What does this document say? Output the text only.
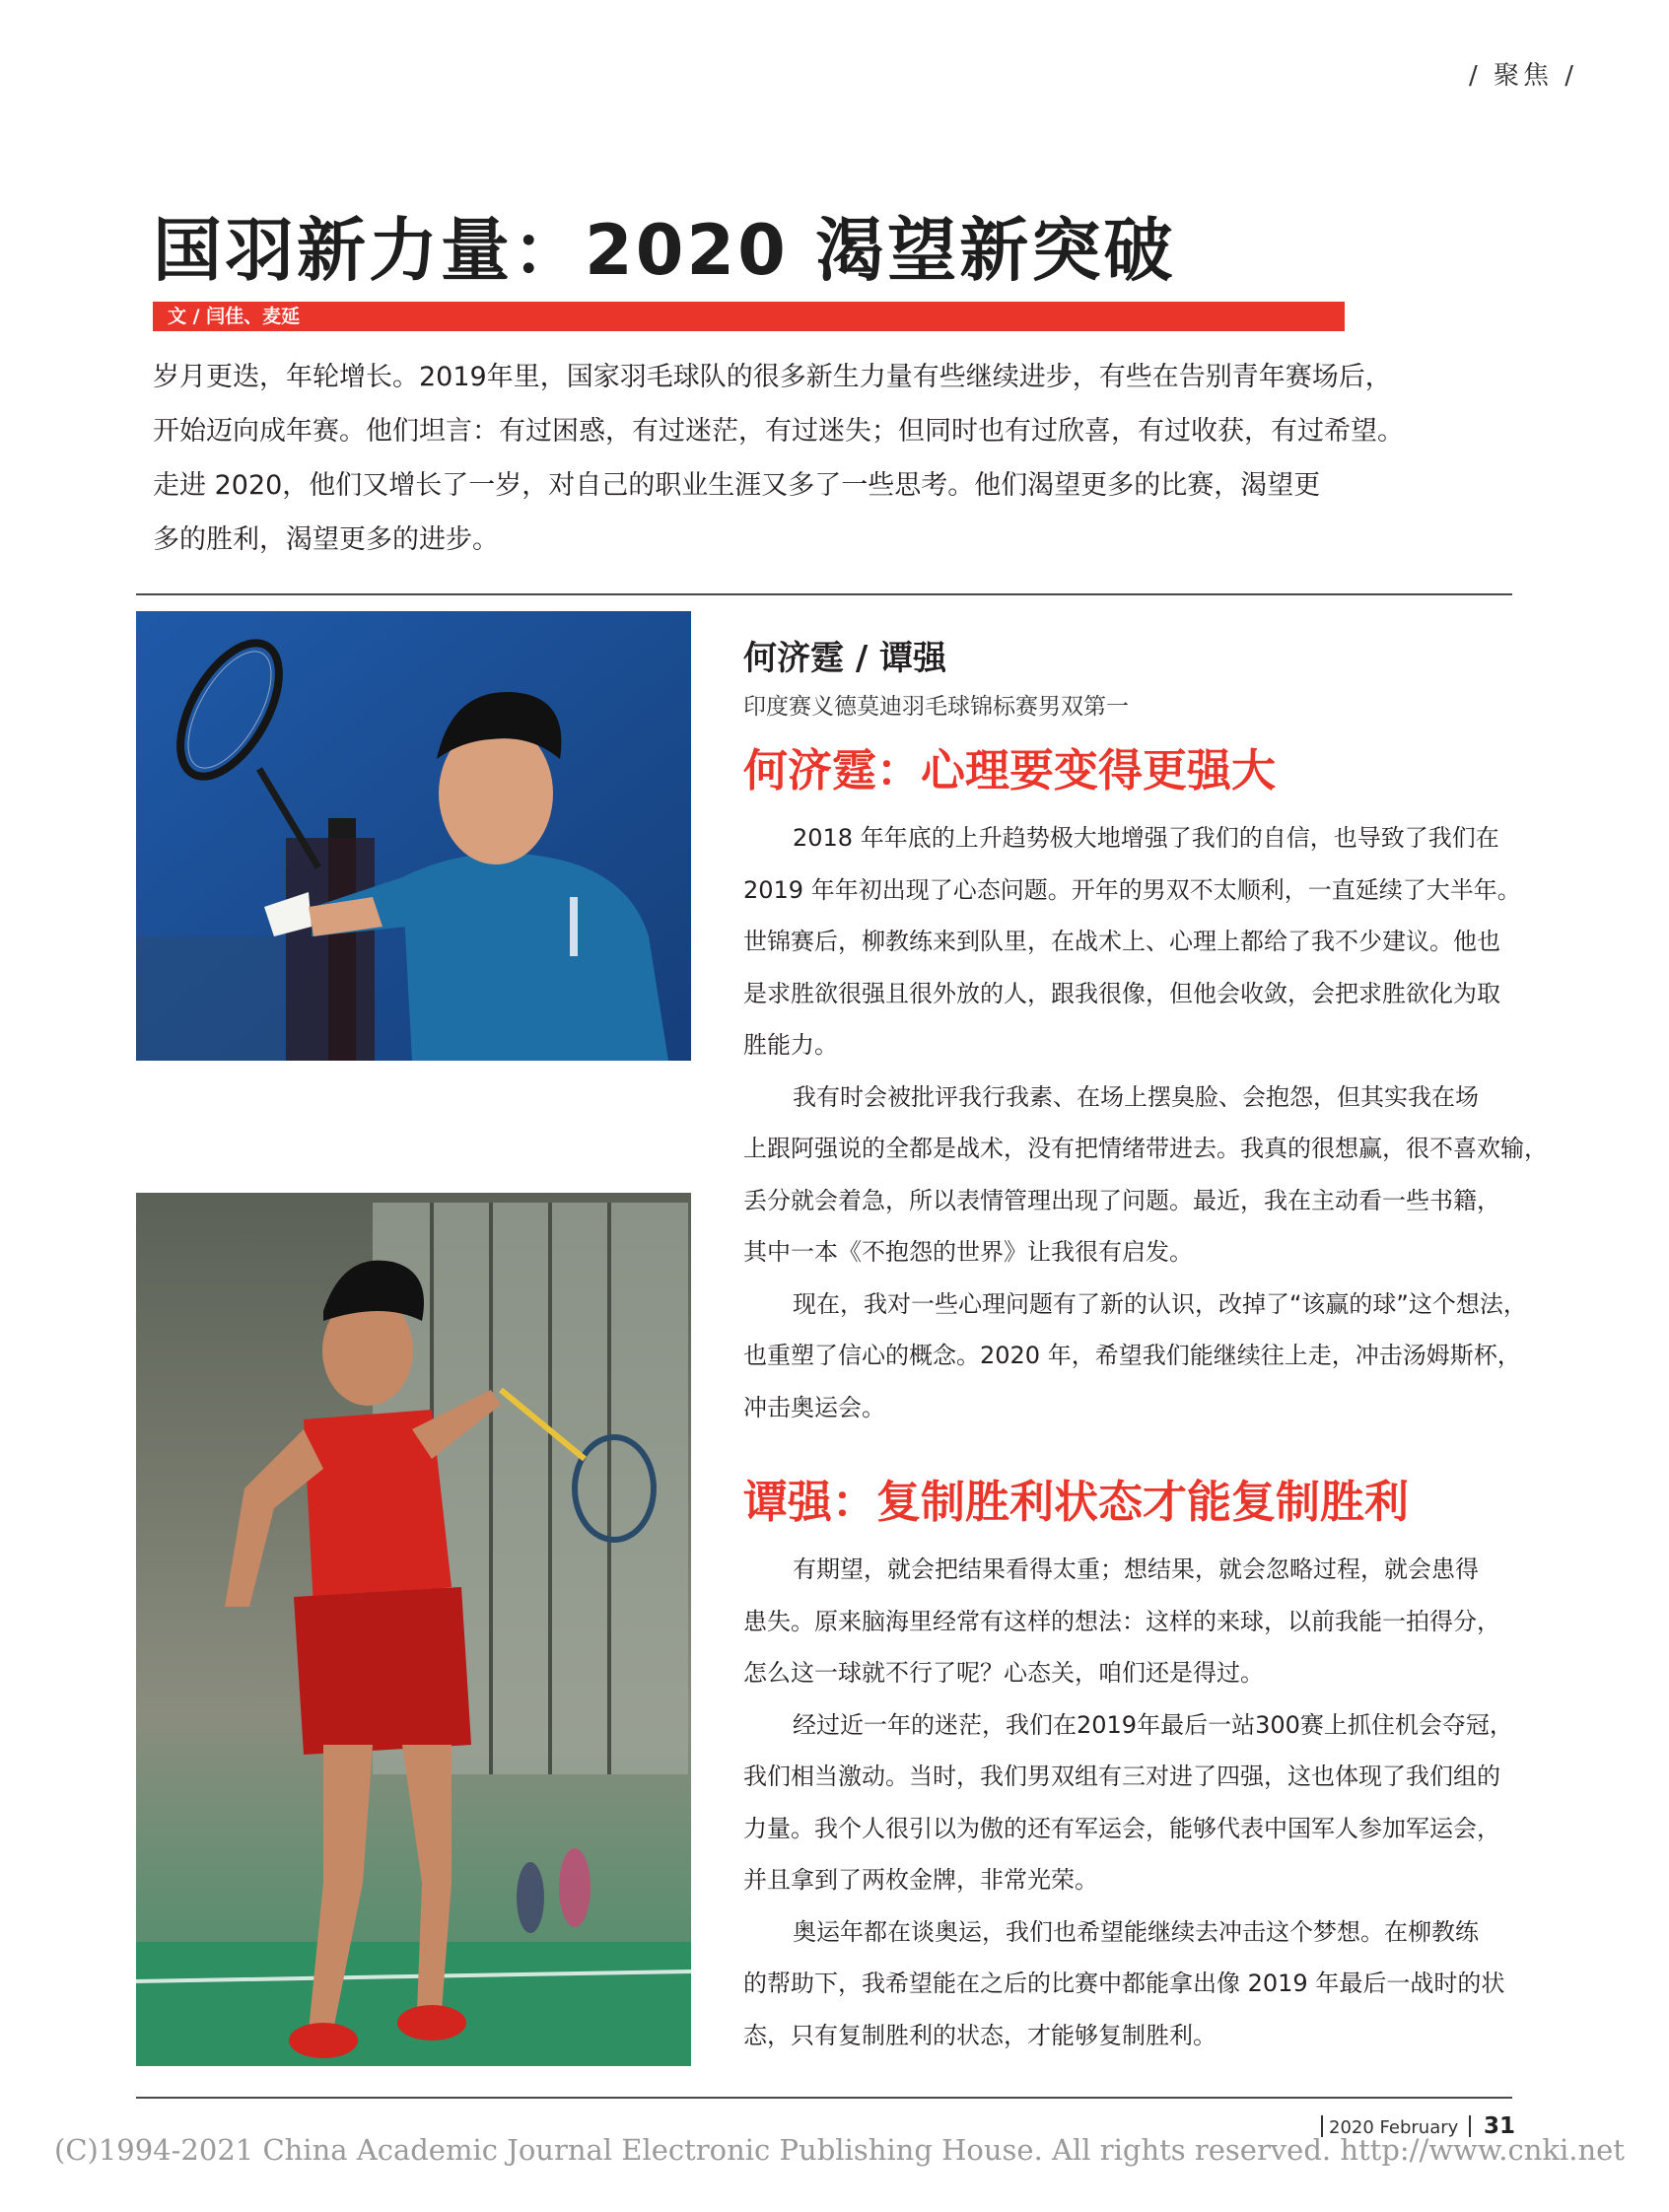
/ 聚焦 /
国羽新力量：2020 渴望新突破
文 / 闫佳、麦延

岁月更迭，年轮增长。2019年里，国家羽毛球队的很多新生力量有些继续进步，有些在告别青年赛场后，

开始迈向成年赛。他们坦言：有过困惑，有过迷茫，有过迷失；但同时也有过欣喜，有过收获，有过希望。

走进 2020，他们又增长了一岁，对自己的职业生涯又多了一些思考。他们渴望更多的比赛，渴望更

多的胜利，渴望更多的进步。

何济霆 / 谭强

印度赛义德莫迪羽毛球锦标赛男双第一

何济霆：心理要变得更强大

2018 年年底的上升趋势极大地增强了我们的自信，也导致了我们在

2019 年年初出现了心态问题。开年的男双不太顺利，一直延续了大半年。

世锦赛后，柳教练来到队里，在战术上、心理上都给了我不少建议。他也

是求胜欲很强且很外放的人，跟我很像，但他会收敛，会把求胜欲化为取

胜能力。

我有时会被批评我行我素、在场上摆臭脸、会抱怨，但其实我在场

上跟阿强说的全都是战术，没有把情绪带进去。我真的很想赢，很不喜欢输，

丢分就会着急，所以表情管理出现了问题。最近，我在主动看一些书籍，

其中一本《不抱怨的世界》让我很有启发。

现在，我对一些心理问题有了新的认识，改掉了“该赢的球”这个想法，

也重塑了信心的概念。2020 年，希望我们能继续往上走，冲击汤姆斯杯，

冲击奥运会。

谭强：复制胜利状态才能复制胜利

有期望，就会把结果看得太重；想结果，就会忽略过程，就会患得

患失。原来脑海里经常有这样的想法：这样的来球，以前我能一拍得分，

怎么这一球就不行了呢？心态关，咱们还是得过。

经过近一年的迷茫，我们在2019年最后一站300赛上抓住机会夺冠，

我们相当激动。当时，我们男双组有三对进了四强，这也体现了我们组的

力量。我个人很引以为傲的还有军运会，能够代表中国军人参加军运会，

并且拿到了两枚金牌，非常光荣。

奥运年都在谈奥运，我们也希望能继续去冲击这个梦想。在柳教练

的帮助下，我希望能在之后的比赛中都能拿出像 2019 年最后一战时的状

态，只有复制胜利的状态，才能够复制胜利。

2020 February 31
(C)1994-2021 China Academic Journal Electronic Publishing House. All rights reserved. http://www.cnki.net
